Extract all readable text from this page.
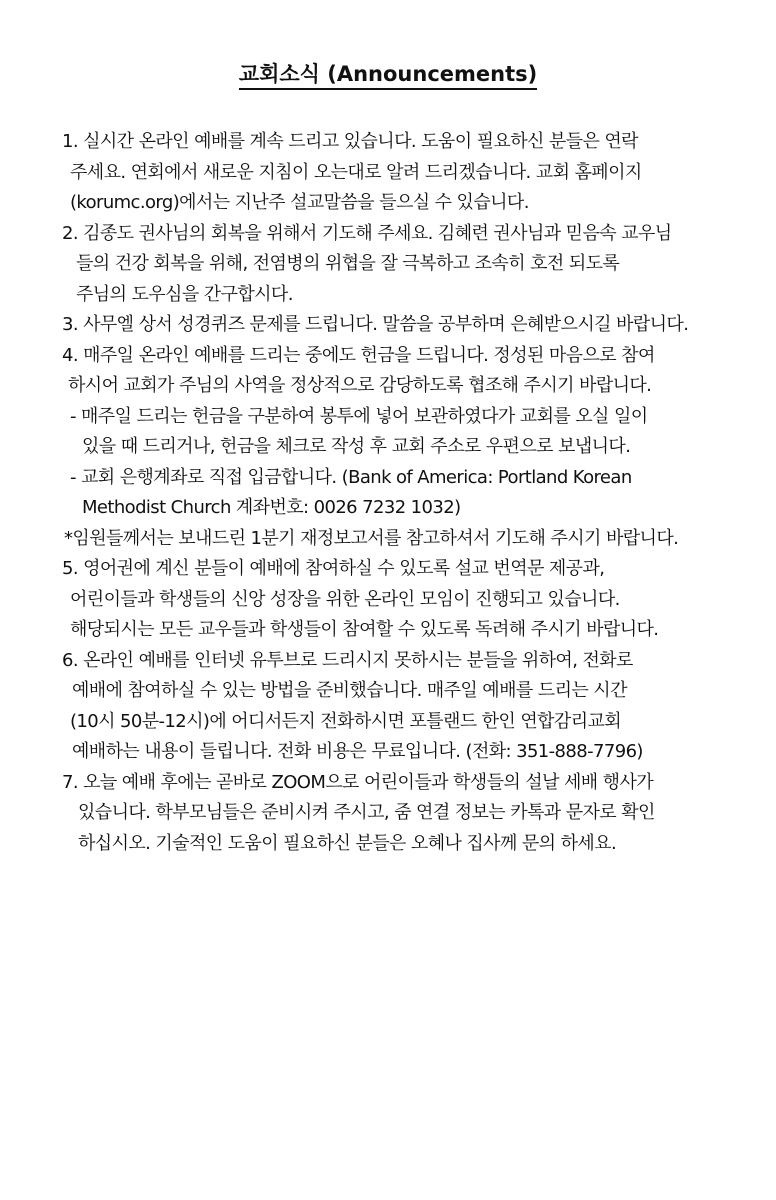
교회소식 (Announcements)
1. 실시간 온라인 예배를 계속 드리고 있습니다. 도움이 필요하신 분들은 연락
주세요. 연회에서 새로운 지침이 오는대로 알려 드리겠습니다. 교회 홈페이지
(korumc.org)에서는 지난주 설교말씀을 들으실 수 있습니다.
2. 김종도 권사님의 회복을 위해서 기도해 주세요. 김혜련 권사님과 믿음속 교우님
들의 건강 회복을 위해, 전염병의 위협을 잘 극복하고 조속히 호전 되도록
주님의 도우심을 간구합시다.
3. 사무엘 상서 성경퀴즈 문제를 드립니다. 말씀을 공부하며 은혜받으시길 바랍니다.
4. 매주일 온라인 예배를 드리는 중에도 헌금을 드립니다. 정성된 마음으로 참여
하시어 교회가 주님의 사역을 정상적으로 감당하도록 협조해 주시기 바랍니다.
- 매주일 드리는 헌금을 구분하여 봉투에 넣어 보관하였다가 교회를 오실 일이
있을 때 드리거나, 헌금을 체크로 작성 후 교회 주소로 우편으로 보냅니다.
- 교회 은행계좌로 직접 입금합니다. (Bank of America: Portland Korean
Methodist Church 계좌번호: 0026 7232 1032)
*임원들께서는 보내드린 1분기 재정보고서를 참고하셔서 기도해 주시기 바랍니다.
5. 영어권에 계신 분들이 예배에 참여하실 수 있도록 설교 번역문 제공과,
어린이들과 학생들의 신앙 성장을 위한 온라인 모임이 진행되고 있습니다.
해당되시는 모든 교우들과 학생들이 참여할 수 있도록 독려해 주시기 바랍니다.
6. 온라인 예배를 인터넷 유투브로 드리시지 못하시는 분들을 위하여, 전화로
예배에 참여하실 수 있는 방법을 준비했습니다. 매주일 예배를 드리는 시간
(10시 50분-12시)에 어디서든지 전화하시면 포틀랜드 한인 연합감리교회
예배하는 내용이 들립니다. 전화 비용은 무료입니다. (전화: 351-888-7796)
7. 오늘 예배 후에는 곧바로 ZOOM으로 어린이들과 학생들의 설날 세배 행사가
있습니다. 학부모님들은 준비시켜 주시고, 줌 연결 정보는 카톡과 문자로 확인
하십시오. 기술적인 도움이 필요하신 분들은 오혜나 집사께 문의 하세요.
